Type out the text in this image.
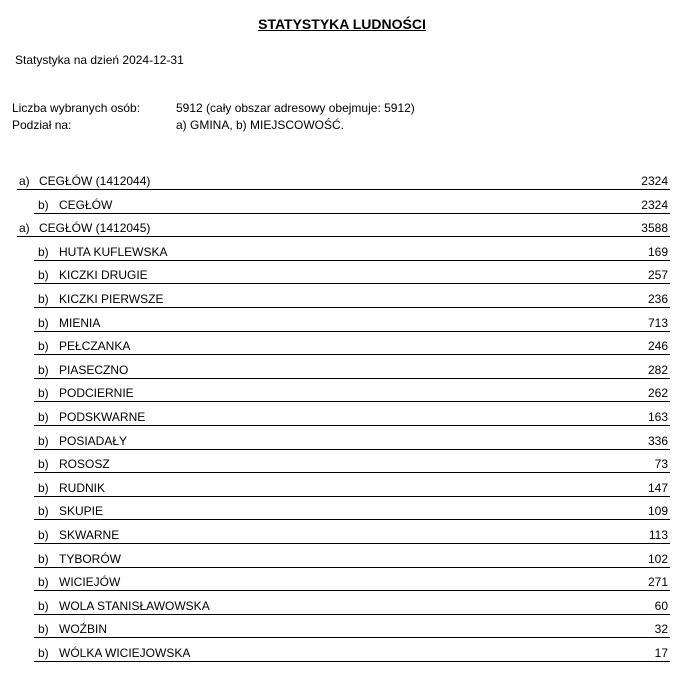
STATYSTYKA LUDNOŚCI
Statystyka na dzień 2024-12-31
Liczba wybranych osób:	5912 (cały obszar adresowy obejmuje: 5912)
Podział na:	a) GMINA, b) MIEJSCOWOŚĆ.
a) CEGŁÓW (1412044)	2324
b) CEGŁÓW	2324
a) CEGŁÓW (1412045)	3588
b) HUTA KUFLEWSKA	169
b) KICZKI DRUGIE	257
b) KICZKI PIERWSZE	236
b) MIENIA	713
b) PEŁCZANKA	246
b) PIASECZNO	282
b) PODCIERNIE	262
b) PODSKWARNE	163
b) POSIADAŁY	336
b) ROSOSZ	73
b) RUDNIK	147
b) SKUPIE	109
b) SKWARNE	113
b) TYBORÓW	102
b) WICIEJÓW	271
b) WOLA STANISŁAWOWSKA	60
b) WOŹBIN	32
b) WÓLKA WICIEJOWSKA	17
